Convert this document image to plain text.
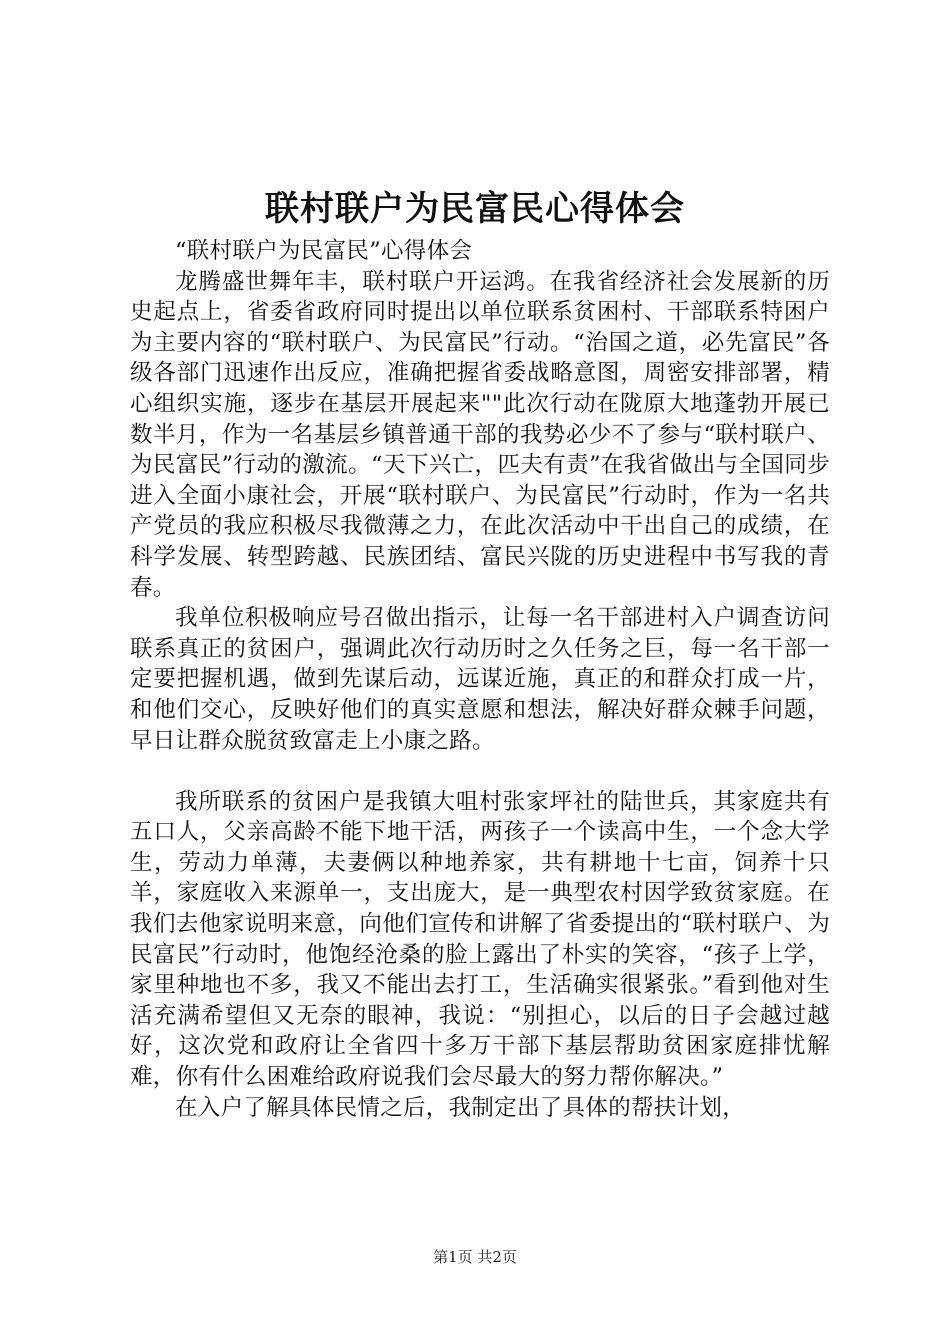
联村联户为民富民心得体会

“联村联户为民富民”心得体会

龙腾盛世舞年丰，联村联户开运鸿。在我省经济社会发展新的历史起点上，省委省政府同时提出以单位联系贫困村、干部联系特困户为主要内容的“联村联户、为民富民”行动。“治国之道，必先富民”各级各部门迅速作出反应，准确把握省委战略意图，周密安排部署，精心组织实施，逐步在基层开展起来""此次行动在陇原大地蓬勃开展已数半月，作为一名基层乡镇普通干部的我势必少不了参与“联村联户、为民富民”行动的激流。“天下兴亡，匹夫有责”在我省做出与全国同步进入全面小康社会，开展“联村联户、为民富民”行动时，作为一名共产党员的我应积极尽我微薄之力，在此次活动中干出自己的成绩，在科学发展、转型跨越、民族团结、富民兴陇的历史进程中书写我的青春。

我单位积极响应号召做出指示，让每一名干部进村入户调查访问联系真正的贫困户，强调此次行动历时之久任务之巨，每一名干部一定要把握机遇，做到先谋后动，远谋近施，真正的和群众打成一片，和他们交心，反映好他们的真实意愿和想法，解决好群众棘手问题，早日让群众脱贫致富走上小康之路。

我所联系的贫困户是我镇大咀村张家坪社的陆世兵，其家庭共有五口人，父亲高龄不能下地干活，两孩子一个读高中生，一个念大学生，劳动力单薄，夫妻俩以种地养家，共有耕地十七亩，饲养十只羊，家庭收入来源单一，支出庞大，是一典型农村因学致贫家庭。在我们去他家说明来意，向他们宣传和讲解了省委提出的“联村联户、为民富民”行动时，他饱经沧桑的脸上露出了朴实的笑容，“孩子上学，家里种地也不多，我又不能出去打工，生活确实很紧张。”看到他对生活充满希望但又无奈的眼神，我说：“别担心，以后的日子会越过越好，这次党和政府让全省四十多万干部下基层帮助贫困家庭排忧解难，你有什么困难给政府说我们会尽最大的努力帮你解决。”

在入户了解具体民情之后，我制定出了具体的帮扶计划，

第1页 共2页
